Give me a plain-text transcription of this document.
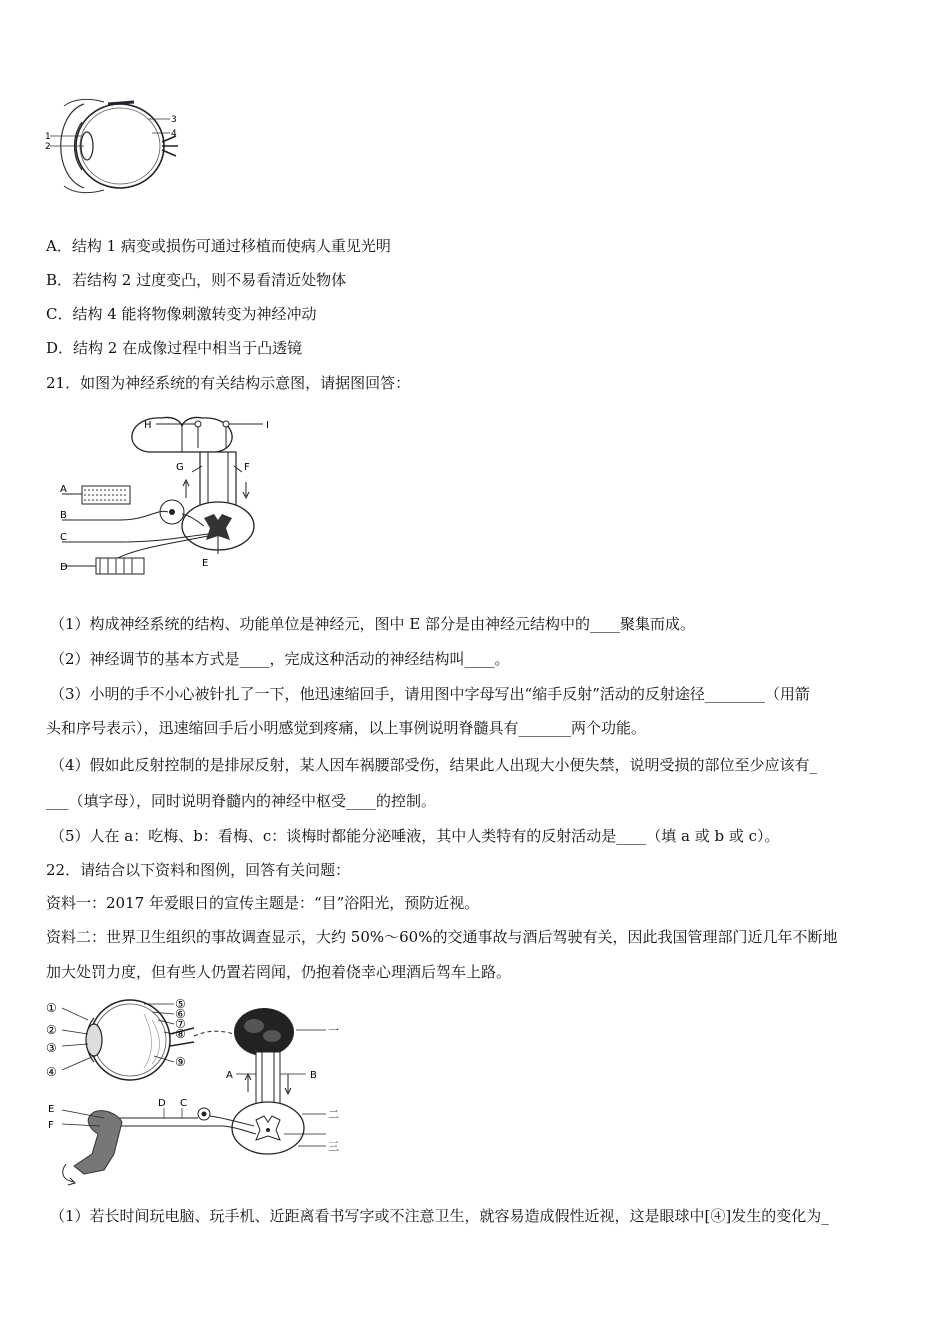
1
2
3
4
A．结构 1 病变或损伤可通过移植而使病人重见光明
B．若结构 2 过度变凸，则不易看清近处物体
C．结构 4 能将物像刺激转变为神经冲动
D．结构 2 在成像过程中相当于凸透镜
21．如图为神经系统的有关结构示意图，请据图回答：
H	I
G	F
A
B
C
D	E
（1）构成神经系统的结构、功能单位是神经元，图中 E 部分是由神经元结构中的____聚集而成。
（2）神经调节的基本方式是____，完成这种活动的神经结构叫____。
（3）小明的手不小心被针扎了一下，他迅速缩回手，请用图中字母写出“缩手反射”活动的反射途径________（用箭
头和序号表示），迅速缩回手后小明感觉到疼痛，以上事例说明脊髓具有_______两个功能。
（4）假如此反射控制的是排尿反射，某人因车祸腰部受伤，结果此人出现大小便失禁，说明受损的部位至少应该有_
___（填字母），同时说明脊髓内的神经中枢受____的控制。
（5）人在 a：吃梅、b：看梅、c：谈梅时都能分泌唾液，其中人类特有的反射活动是____（填 a 或 b 或 c）。
22．请结合以下资料和图例，回答有关问题：
资料一：2017 年爱眼日的宣传主题是：“目”浴阳光，预防近视。
资料二：世界卫生组织的事故调查显示，大约 50%～60%的交通事故与酒后驾驶有关，因此我国管理部门近几年不断地
加大处罚力度，但有些人仍置若罔闻，仍抱着侥幸心理酒后驾车上路。
①
②
③
④
⑤
⑥
⑦
⑧
⑨
A	B
C
D
E
F
一
二
三
（1）若长时间玩电脑、玩手机、近距离看书写字或不注意卫生，就容易造成假性近视，这是眼球中[④]发生的变化为_
